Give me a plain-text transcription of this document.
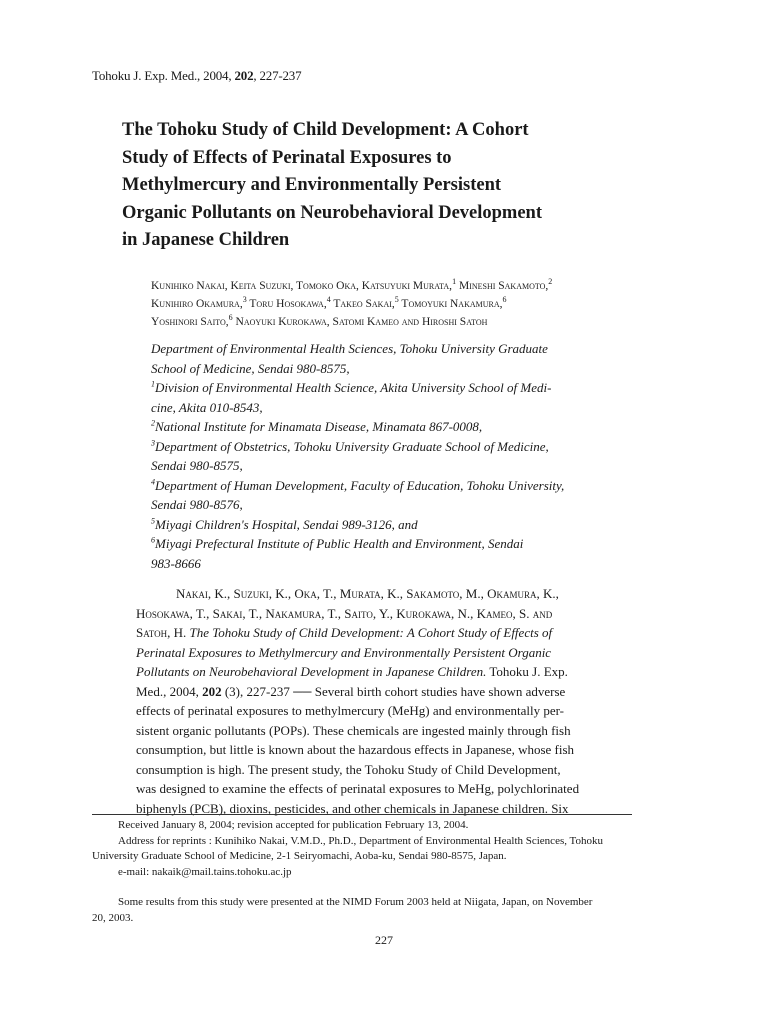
Tohoku J. Exp. Med., 2004, 202, 227-237
The Tohoku Study of Child Development: A Cohort
Study of Effects of Perinatal Exposures to
Methylmercury and Environmentally Persistent
Organic Pollutants on Neurobehavioral Development
in Japanese Children
Kunihiko Nakai, Keita Suzuki, Tomoko Oka, Katsuyuki Murata,$^1$ Mineshi Sakamoto,$^2$
Kunihiro Okamura,$^3$ Toru Hosokawa,$^4$ Takeo Sakai,$^5$ Tomoyuki Nakamura,$^6$
Yoshinori Saito,$^6$ Naoyuki Kurokawa, Satomi Kameo and Hiroshi Satoh
Department of Environmental Health Sciences, Tohoku University Graduate
School of Medicine, Sendai 980-8575,
$^1$Division of Environmental Health Science, Akita University School of Medi-
cine, Akita 010-8543,
$^2$National Institute for Minamata Disease, Minamata 867-0008,
$^3$Department of Obstetrics, Tohoku University Graduate School of Medicine,
Sendai 980-8575,
$^4$Department of Human Development, Faculty of Education, Tohoku University,
Sendai 980-8576,
$^5$Miyagi Children's Hospital, Sendai 989-3126, and
$^6$Miyagi Prefectural Institute of Public Health and Environment, Sendai
983-8666
Nakai, K., Suzuki, K., Oka, T., Murata, K., Sakamoto, M., Okamura, K.,
Hosokawa, T., Sakai, T., Nakamura, T., Saito, Y., Kurokawa, N., Kameo, S. and
Satoh, H. The Tohoku Study of Child Development: A Cohort Study of Effects of
Perinatal Exposures to Methylmercury and Environmentally Persistent Organic
Pollutants on Neurobehavioral Development in Japanese Children. Tohoku J. Exp.
Med., 2004, 202 (3), 227-237 ── Several birth cohort studies have shown adverse
effects of perinatal exposures to methylmercury (MeHg) and environmentally per-
sistent organic pollutants (POPs). These chemicals are ingested mainly through fish
consumption, but little is known about the hazardous effects in Japanese, whose fish
consumption is high. The present study, the Tohoku Study of Child Development,
was designed to examine the effects of perinatal exposures to MeHg, polychlorinated
biphenyls (PCB), dioxins, pesticides, and other chemicals in Japanese children. Six
Received January 8, 2004; revision accepted for publication February 13, 2004.
Address for reprints : Kunihiko Nakai, V.M.D., Ph.D., Department of Environmental Health Sciences, Tohoku
University Graduate School of Medicine, 2-1 Seiryomachi, Aoba-ku, Sendai 980-8575, Japan.
e-mail: nakaik@mail.tains.tohoku.ac.jp
Some results from this study were presented at the NIMD Forum 2003 held at Niigata, Japan, on November
20, 2003.
227
